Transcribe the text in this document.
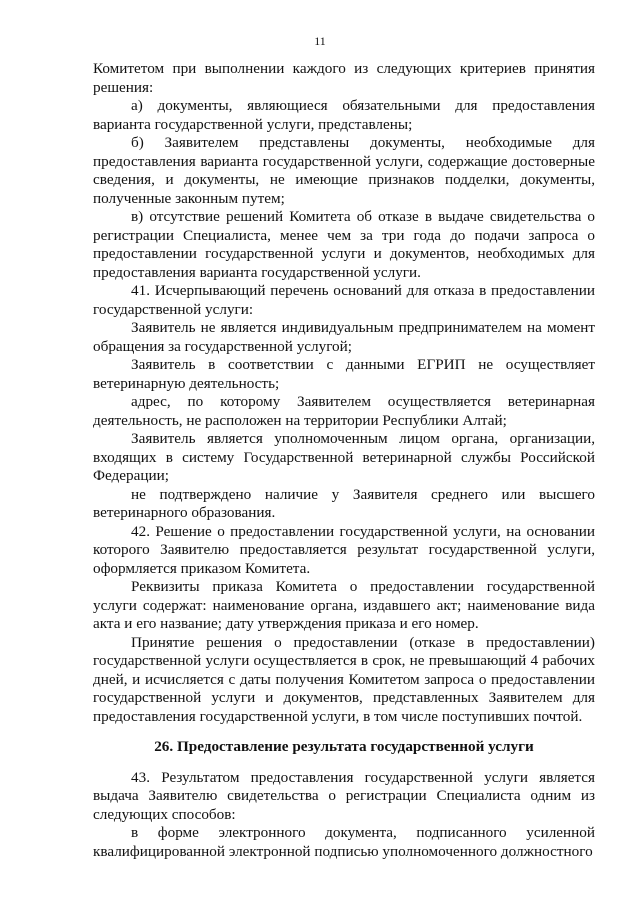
11

Комитетом при выполнении каждого из следующих критериев принятия решения:

а) документы, являющиеся обязательными для предоставления варианта государственной услуги, представлены;

б) Заявителем представлены документы, необходимые для предоставления варианта государственной услуги, содержащие достоверные сведения, и документы, не имеющие признаков подделки, документы, полученные законным путем;

в) отсутствие решений Комитета об отказе в выдаче свидетельства о регистрации Специалиста, менее чем за три года до подачи запроса о предоставлении государственной услуги и документов, необходимых для предоставления варианта государственной услуги.

41. Исчерпывающий перечень оснований для отказа в предоставлении государственной услуги:

Заявитель не является индивидуальным предпринимателем на момент обращения за государственной услугой;

Заявитель в соответствии с данными ЕГРИП не осуществляет ветеринарную деятельность;

адрес, по которому Заявителем осуществляется ветеринарная деятельность, не расположен на территории Республики Алтай;

Заявитель является уполномоченным лицом органа, организации, входящих в систему Государственной ветеринарной службы Российской Федерации;

не подтверждено наличие у Заявителя среднего или высшего ветеринарного образования.

42. Решение о предоставлении государственной услуги, на основании которого Заявителю предоставляется результат государственной услуги, оформляется приказом Комитета.

Реквизиты приказа Комитета о предоставлении государственной услуги содержат: наименование органа, издавшего акт; наименование вида акта и его название; дату утверждения приказа и его номер.

Принятие решения о предоставлении (отказе в предоставлении) государственной услуги осуществляется в срок, не превышающий 4 рабочих дней, и исчисляется с даты получения Комитетом запроса о предоставлении государственной услуги и документов, представленных Заявителем для предоставления государственной услуги, в том числе поступивших почтой.

26. Предоставление результата государственной услуги

43. Результатом предоставления государственной услуги является выдача Заявителю свидетельства о регистрации Специалиста одним из следующих способов:

в форме электронного документа, подписанного усиленной квалифицированной электронной подписью уполномоченного должностного
